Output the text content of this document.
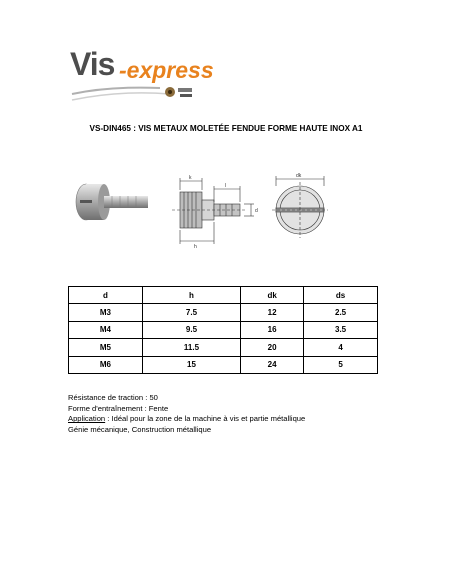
Vis -express
VS-DIN465 : VIS METAUX MOLETÉE FENDUE FORME HAUTE INOX A1
k
l
d
h
dk
d	h	dk	ds
M3	7.5	12	2.5
M4	9.5	16	3.5
M5	11.5	20	4
M6	15	24	5
Résistance de traction : 50
Forme d'entraînement : Fente
Application : Idéal pour la zone de la machine à vis et partie métallique
Génie mécanique, Construction métallique
